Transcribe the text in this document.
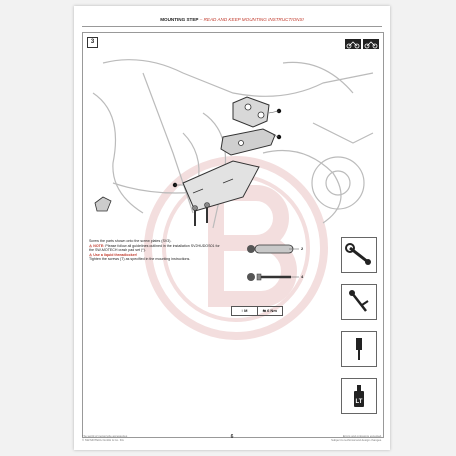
MOUNTING STEP – READ AND KEEP MOUNTING INSTRUCTIONS!
3
Screw the parts shown onto the screw plates (SV3).
⚠ NOTE: Please follow all guidelines outlined in the installation SV2HUDOS01 for the SW-MOTECH crash pad set (*).
⚠ Use a liquid threadlocker!
Tighten the screws (T) as specified in the mounting instructions.
2
4
↕ M	⇆ 6 Nm

LT
The world of motorcycle accessories
© SW-MOTECH GmbH & Co. KG	6	Errors and omissions excepted.
Subject to technical and design changes.
